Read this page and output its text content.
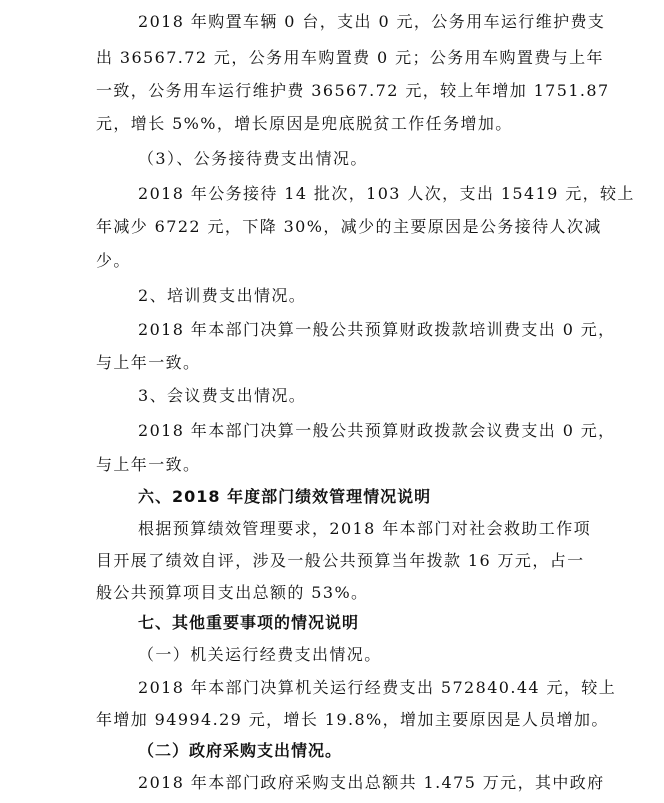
2018 年购置车辆 0 台，支出 0 元，公务用车运行维护费支

出 36567.72 元，公务用车购置费 0 元；公务用车购置费与上年

一致，公务用车运行维护费 36567.72 元，较上年增加 1751.87

元，增长 5%%，增长原因是兜底脱贫工作任务增加。

（3）、公务接待费支出情况。

2018 年公务接待 14 批次，103 人次，支出 15419 元，较上

年减少 6722 元，下降 30%，减少的主要原因是公务接待人次减

少。

2、培训费支出情况。

2018 年本部门决算一般公共预算财政拨款培训费支出 0 元，

与上年一致。

3、会议费支出情况。

2018 年本部门决算一般公共预算财政拨款会议费支出 0 元，

与上年一致。

六、2018 年度部门绩效管理情况说明

根据预算绩效管理要求，2018 年本部门对社会救助工作项

目开展了绩效自评，涉及一般公共预算当年拨款 16 万元，占一

般公共预算项目支出总额的 53%。

七、其他重要事项的情况说明

（一）机关运行经费支出情况。

2018 年本部门决算机关运行经费支出 572840.44 元，较上

年增加 94994.29 元，增长 19.8%，增加主要原因是人员增加。

（二）政府采购支出情况。

2018 年本部门政府采购支出总额共 1.475 万元，其中政府
